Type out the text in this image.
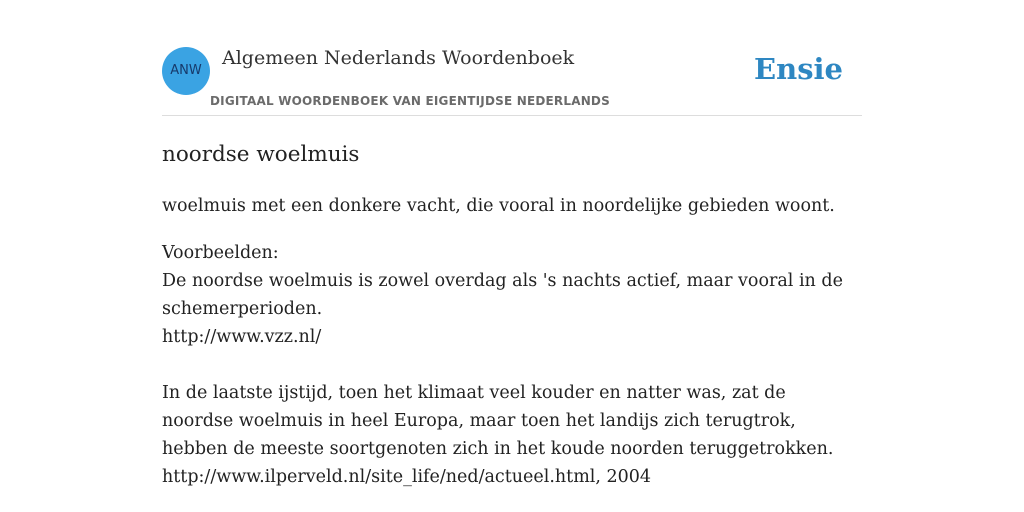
ANW
Algemeen Nederlands Woordenboek
DIGITAAL WOORDENBOEK VAN EIGENTIJDSE NEDERLANDS
Ensie
noordse woelmuis
woelmuis met een donkere vacht, die vooral in noordelijke gebieden woont.
Voorbeelden:
De noordse woelmuis is zowel overdag als 's nachts actief, maar vooral in de schemerperioden.
http://www.vzz.nl/
In de laatste ijstijd, toen het klimaat veel kouder en natter was, zat de noordse woelmuis in heel Europa, maar toen het landijs zich terugtrok, hebben de meeste soortgenoten zich in het koude noorden teruggetrokken.
http://www.ilperveld.nl/site_life/ned/actueel.html, 2004
